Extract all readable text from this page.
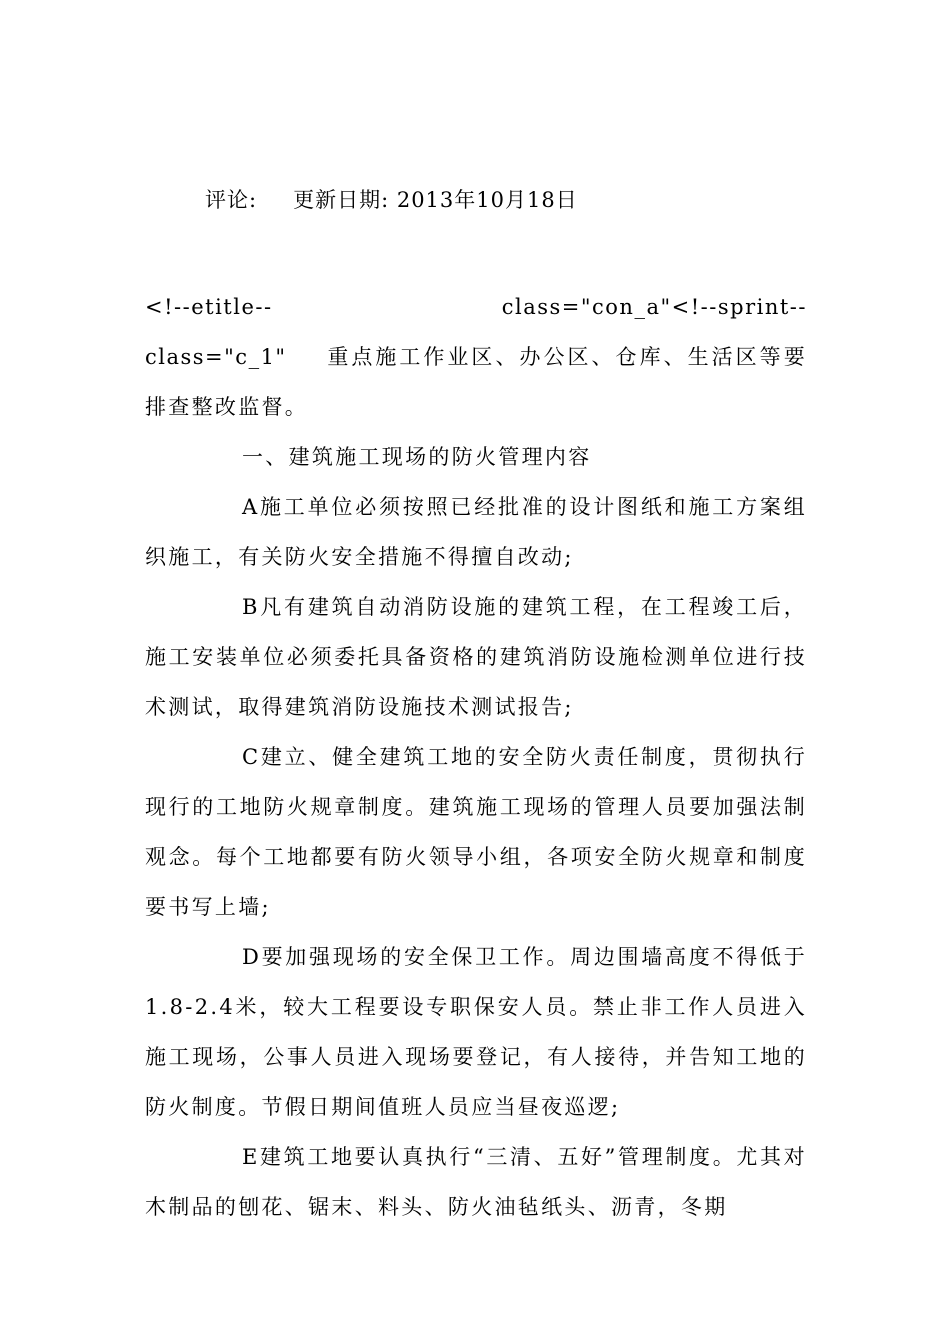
评论: 更新日期: 2013年10月18日
<!--etitle--	class="con_a"<!--sprint--

class="c_1" 重点施工作业区、办公区、仓库、生活区等要排查整改监督。

一、建筑施工现场的防火管理内容

A施工单位必须按照已经批准的设计图纸和施工方案组织施工，有关防火安全措施不得擅自改动;

B凡有建筑自动消防设施的建筑工程，在工程竣工后，施工安装单位必须委托具备资格的建筑消防设施检测单位进行技术测试，取得建筑消防设施技术测试报告;

C建立、健全建筑工地的安全防火责任制度，贯彻执行现行的工地防火规章制度。建筑施工现场的管理人员要加强法制观念。每个工地都要有防火领导小组，各项安全防火规章和制度要书写上墙;

D要加强现场的安全保卫工作。周边围墙高度不得低于1.8-2.4米，较大工程要设专职保安人员。禁止非工作人员进入施工现场，公事人员进入现场要登记，有人接待，并告知工地的防火制度。节假日期间值班人员应当昼夜巡逻;

E建筑工地要认真执行“三清、五好”管理制度。尤其对木制品的刨花、锯末、料头、防火油毡纸头、沥青，冬期
